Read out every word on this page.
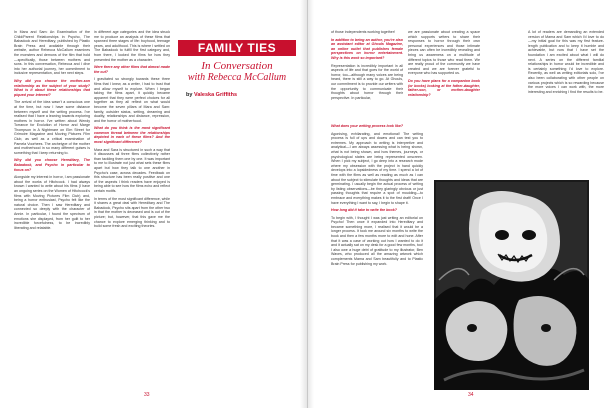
In Mara and Sam: An Examination of the Child/Parent Relationships in Psycho, The Babadook and Hereditary, published by Plastic Brain Press and available through their website, author Rebecca McCallum examines the monsters and demons of the film that hold—specifically, those between mothers and sons. In this conversation, Rebecca and I dive into her authorial journey, her commitment to inclusive representation, and her next steps.

Why did you choose the mother-son relationship as the subject of your study? What is it about these relationships that piqued your interest?

The arrival of the idea wasn't a conscious one at the time, but now I have some distance between myself and the writing process. I've realised that I have a leaning towards exploring mothers in horror. I've written about Wendy Torrance for Evolution of Horror and Marge Thompson in A Nightmare on Elm Street for Grimoire Magazine and Moving Pictures Film Club, as well as a critical examination of Pamela Voorhees. The archetype of the mother and motherhood in so many different guises is something that I keep returning to.

Why did you choose Hereditary, The Babadook, and Psycho in particular to focus on?

Alongside my interest in horror, I am passionate about the works of Hitchcock. I had always known I wanted to write about his films (I have an ongoing series on the Women of Hitchcock's films with Moving Pictures Film Club) and, being a horror enthusiast, Psycho felt like the natural choice. Then I saw Hereditary and connected so deeply with the character of Annie. In particular, I found the spectrum of emotions she displayed, from her guilt to her incredible forcefulness, to be incredibly liberating and relatable.

in different age categories and the idea struck me to produce an analysis of these films that spanned three stages of life: boyhood, teenage years, and adulthood. This is where I settled on The Babadook to fulfill the first category and, from there, I looked the films for how they presented the mother as a character.

Were there any other films that almost made the cut?

I gravitated so strongly towards these three films that I knew, as a writer, I had to trust that and allow myself to explore. When I began taking the films apart, it quickly became apparent that they were perfect choices for all together as they all reflect on what would become the seven pillars of Mara and Sam: family, outsider status, setting, dreaming and duality, relationships and distance, repression, and the horror of motherhood.

What do you think is the most significant common thread between the relationships depicted in each of these films? And the most significant difference?

Mara and Sara is structured in such a way that it discusses all three films collectively rather than tackling them one by one. It was important to me to illustrate not just what sets these films apart but how they talk to one another in Psycho's case, across decades. Feedback on this structure has been really positive and one of the aspects I think readers have enjoyed is being able to see how the films echo and reflect certain motifs.

In terms of the most significant difference, while it shares a great deal with Hereditary and The Babadook, Psycho sits apart from the other two in that the mother is deceased and is out of the picture; but, however, that this gave me the chance to explore emerging thinking and to build some fresh and exciting theories.

FAMILY TIES
In Conversation
with Rebecca McCallum
by Valeska Griffiths
33

of those independents working together!

In addition to being an author, you're also an assistant editor at Ghouls Magazine, an online outlet that publishes female perspectives on horror entertainment. Why is this work so important?

Representation is incredibly important in all aspects of life and that goes for the world of horror, too—although many voices are being heard, there is still a way to go. At Ghouls, our commitment is to provide our writers with the opportunity to communicate their thoughts about horror through their perspective. In particular,

we are passionate about creating a space which supports writers to share their responses to horror through their own personal experiences and those intimate pieces can often be incredibly revealing and bring us awareness on a multitude of different topics to those who read them. We are really proud of the community we have created and we are forever grateful to everyone who has supported us.

Do you have plans for a companion book (or books) looking at the father-daughter, father-son, or mother-daughter relationship?

A lot of readers are demanding an extended version of Mama and Sam which I'd love to do—my initial goal for this was my first feature-length publication and to keep it humble and achievable, but now that I have set the foundation I am excited about what I will do next. A series on the different familial relationships in horror would be incredible and is certainly something I'd love to explore. Recently, as well as writing editorials solo, I've also been collaborating with other people on various projects which is so rewarding because the more voices I can work with, the more interesting and enriching I find the results to be.

What does your writing process look like?

Agonising, exhilarating, and emotional! The writing process is full of ups and downs and can test you to extremes. My approach to writing is interpretive and analytical—I am always assessing what is being shown, what is not being shown, and how themes, journeys, or psychological states are being represented onscreen. When I pick my subject, I go deep into a research mode where my obsession with the project in hand quickly develops into a lopsidedness of my time. I spend a lot of time with the films as well as reading as much as I can about the subject to stimulate thoughts and ideas that are germinating. I usually begin the actual process of writing by listing observations—be they glaringly obvious or just passing thoughts that require a spot of moulding—to embrace and everything makes it to the first draft! Once I have everything I want to say, I begin to shape it.

How long did it take to write the book?

To begin with, I thought I was just writing an editorial on Psycho! Then once it expanded into Hereditary and became something more, I realised that it would be a longer process. It took me around six months to write the book and then a few months more to edit and hone. After that it was a case of working out how I wanted to do it and it actually sat on my desk for a good few months, too! I also owe a huge debt of gratitude to my illustrator, Ben Waves, who produced all the amazing artwork which complements Mama and Sam beautifully and to Plastic Brain Press for publishing my work.

34
